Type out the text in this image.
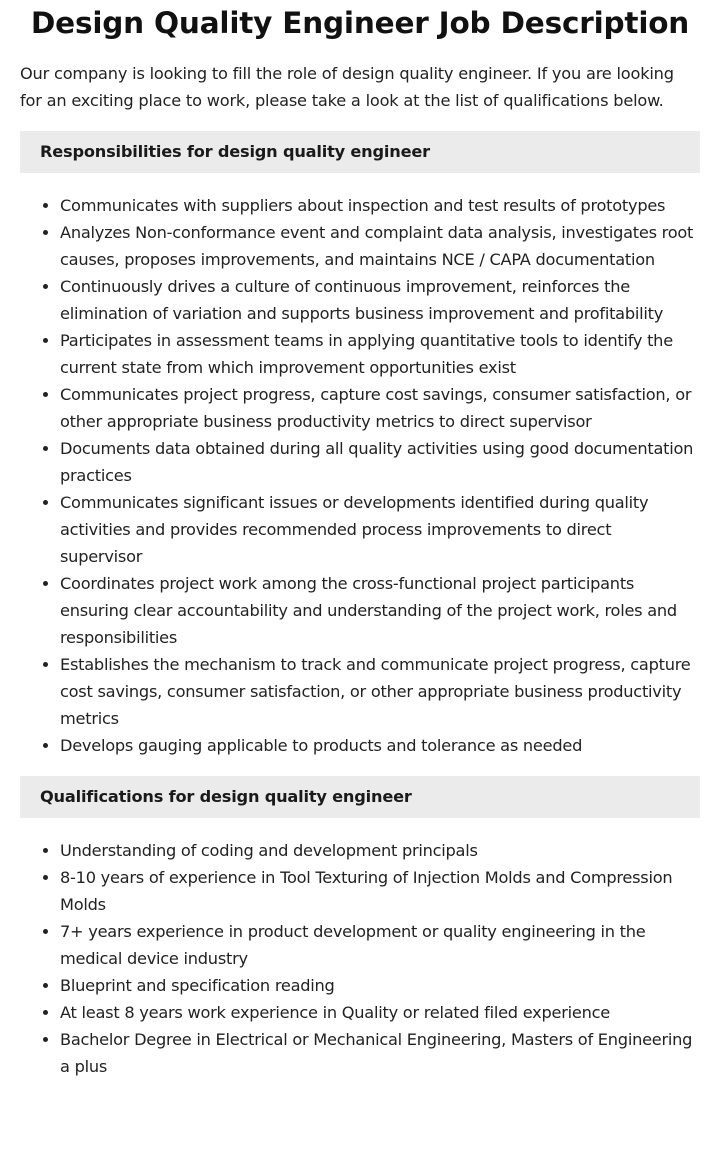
Design Quality Engineer Job Description

Our company is looking to fill the role of design quality engineer. If you are looking for an exciting place to work, please take a look at the list of qualifications below.

Responsibilities for design quality engineer
Communicates with suppliers about inspection and test results of prototypes
Analyzes Non-conformance event and complaint data analysis, investigates root causes, proposes improvements, and maintains NCE / CAPA documentation
Continuously drives a culture of continuous improvement, reinforces the elimination of variation and supports business improvement and profitability
Participates in assessment teams in applying quantitative tools to identify the current state from which improvement opportunities exist
Communicates project progress, capture cost savings, consumer satisfaction, or other appropriate business productivity metrics to direct supervisor
Documents data obtained during all quality activities using good documentation practices
Communicates significant issues or developments identified during quality activities and provides recommended process improvements to direct supervisor
Coordinates project work among the cross-functional project participants ensuring clear accountability and understanding of the project work, roles and responsibilities
Establishes the mechanism to track and communicate project progress, capture cost savings, consumer satisfaction, or other appropriate business productivity metrics
Develops gauging applicable to products and tolerance as needed
Qualifications for design quality engineer
Understanding of coding and development principals
8-10 years of experience in Tool Texturing of Injection Molds and Compression Molds
7+ years experience in product development or quality engineering in the medical device industry
Blueprint and specification reading
At least 8 years work experience in Quality or related filed experience
Bachelor Degree in Electrical or Mechanical Engineering, Masters of Engineering a plus
